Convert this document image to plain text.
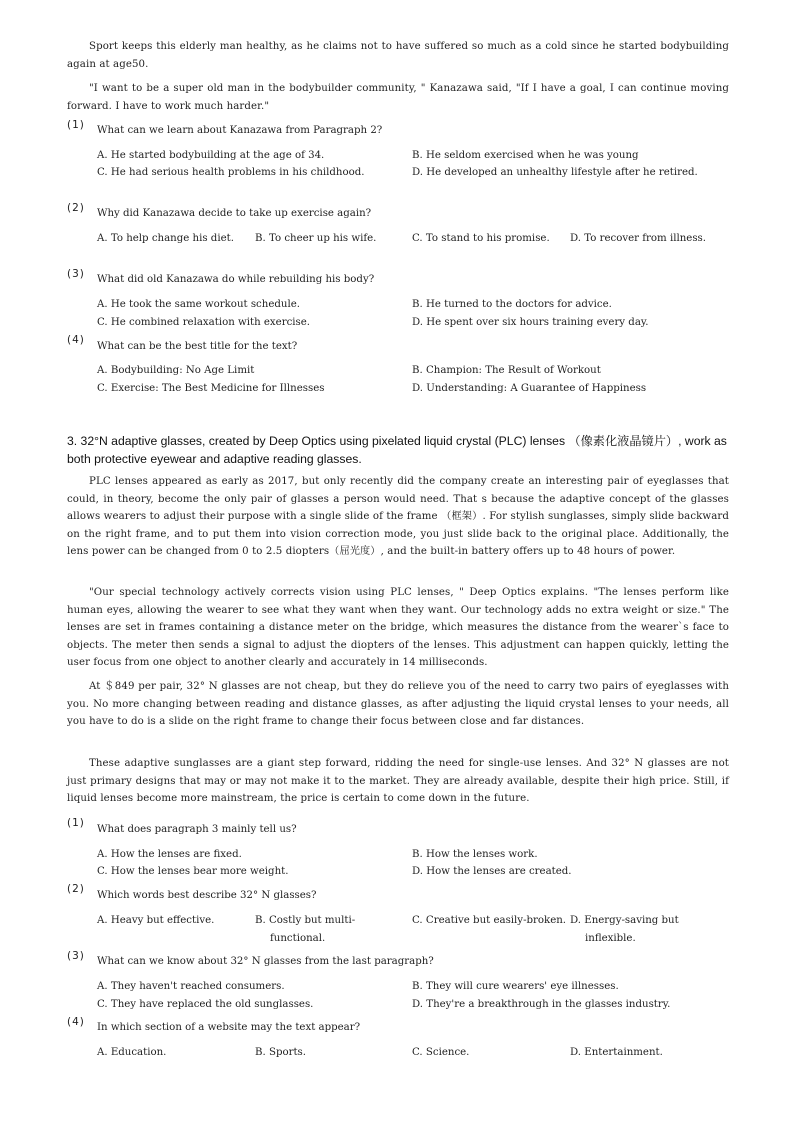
Sport keeps this elderly man healthy, as he claims not to have suffered so much as a cold since he started bodybuilding again at age50.
"I want to be a super old man in the bodybuilder community, " Kanazawa said, "If I have a goal, I can continue moving forward. I have to work much harder."
(1) What can we learn about Kanazawa from Paragraph 2?
A. He started bodybuilding at the age of 34.	B. He seldom exercised when he was young
C. He had serious health problems in his childhood.	D. He developed an unhealthy lifestyle after he retired.
(2) Why did Kanazawa decide to take up exercise again?
A. To help change his diet.	B. To cheer up his wife.	C. To stand to his promise. D. To recover from illness.
(3) What did old Kanazawa do while rebuilding his body?
A. He took the same workout schedule.	B. He turned to the doctors for advice.
C. He combined relaxation with exercise.	D. He spent over six hours training every day.
(4)
What can be the best title for the text?
A. Bodybuilding: No Age Limit	B. Champion: The Result of Workout
C. Exercise: The Best Medicine for Illnesses	D. Understanding: A Guarantee of Happiness
3. 32°N adaptive glasses, created by Deep Optics using pixelated liquid crystal (PLC) lenses （像素化液晶镜片）, work as both protective eyewear and adaptive reading glasses.
PLC lenses appeared as early as 2017, but only recently did the company create an interesting pair of eyeglasses that could, in theory, become the only pair of glasses a person would need. That s because the adaptive concept of the glasses allows wearers to adjust their purpose with a single slide of the frame （框架）. For stylish sunglasses, simply slide backward on the right frame, and to put them into vision correction mode, you just slide back to the original place. Additionally, the lens power can be changed from 0 to 2.5 diopters（屈光度）, and the built-in battery offers up to 48 hours of power.
"Our special technology actively corrects vision using PLC lenses, " Deep Optics explains. "The lenses perform like human eyes, allowing the wearer to see what they want when they want. Our technology adds no extra weight or size." The lenses are set in frames containing a distance meter on the bridge, which measures the distance from the wearer`s face to objects. The meter then sends a signal to adjust the diopters of the lenses. This adjustment can happen quickly, letting the user focus from one object to another clearly and accurately in 14 milliseconds.
At ＄849 per pair, 32° N glasses are not cheap, but they do relieve you of the need to carry two pairs of eyeglasses with you. No more changing between reading and distance glasses, as after adjusting the liquid crystal lenses to your needs, all you have to do is a slide on the right frame to change their focus between close and far distances.
These adaptive sunglasses are a giant step forward, ridding the need for single-use lenses. And 32° N glasses are not just primary designs that may or may not make it to the market. They are already available, despite their high price. Still, if liquid lenses become more mainstream, the price is certain to come down in the future.
(1)
What does paragraph 3 mainly tell us?
A. How the lenses are fixed.	B. How the lenses work.
C. How the lenses bear more weight.	D. How the lenses are created.
(2)
Which words best describe 32° N glasses?
A. Heavy but effective.	B. Costly but multi-functional.
C. Creative but easily-broken. D. Energy-saving but inflexible.
(3) What can we know about 32° N glasses from the last paragraph?
A. They haven't reached consumers.	B. They will cure wearers' eye illnesses.
C. They have replaced the old sunglasses.	D. They're a breakthrough in the glasses industry.
(4) In which section of a website may the text appear?
A. Education.	B. Sports.	C. Science.	D. Entertainment.
